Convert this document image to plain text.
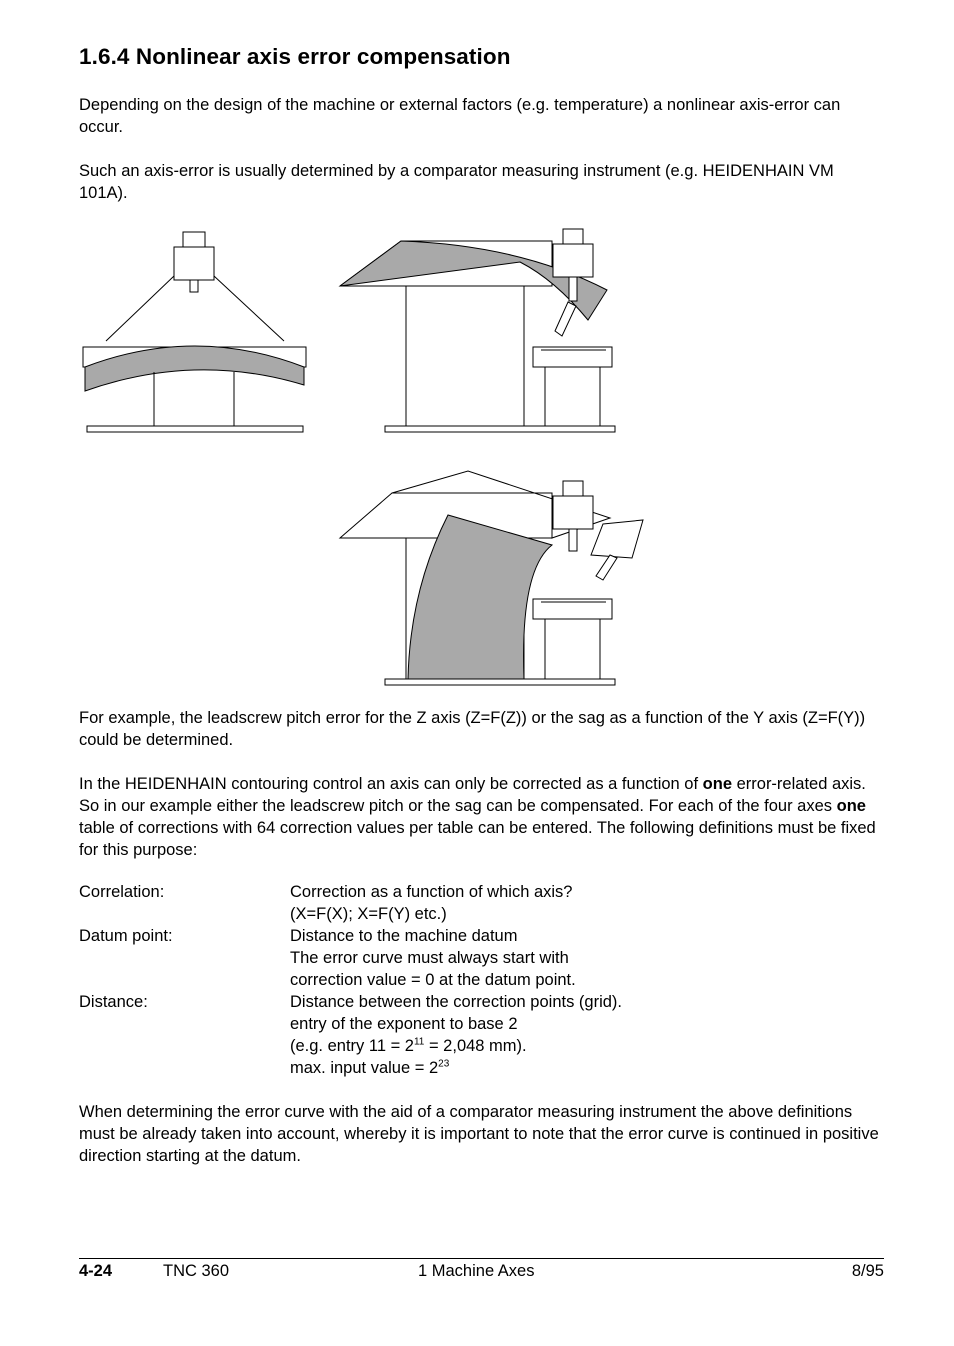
1.6.4 Nonlinear axis error compensation

Depending on the design of the machine or external factors (e.g. temperature) a nonlinear axis-error can occur.

Such an axis-error is usually determined by a comparator measuring instrument (e.g. HEIDENHAIN VM 101A).

For example, the leadscrew pitch error for the Z axis (Z=F(Z)) or the sag as a function of the Y axis (Z=F(Y)) could be determined.

In the HEIDENHAIN contouring control an axis can only be corrected as a function of one error-related axis. So in our example either the leadscrew pitch or the sag can be compensated. For each of the four axes one table of corrections with 64 correction values per table can be entered. The following definitions must be fixed for this purpose:

Correlation:	Correction as a function of which axis?
(X=F(X); X=F(Y) etc.)
Datum point:	Distance to the machine datum
The error curve must always start with
correction value = 0 at the datum point.
Distance:	Distance between the correction points (grid).
entry of the exponent to base 2
(e.g. entry $11 = 2^{11} = 2,048$ mm).
max. input value = $2^{23}$

When determining the error curve with the aid of a comparator measuring instrument the above definitions must be already taken into account, whereby it is important to note that the error curve is continued in positive direction starting at the datum.

4-24	TNC 360	1 Machine Axes	8/95
